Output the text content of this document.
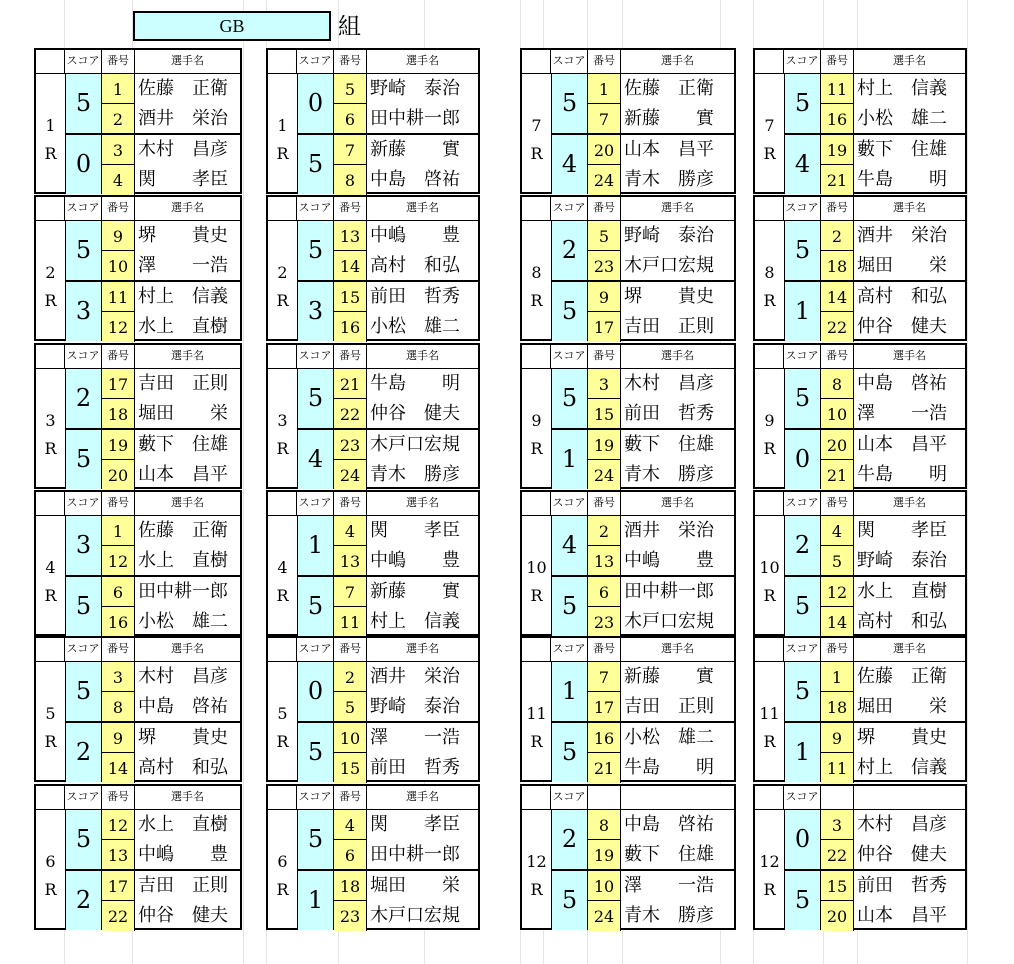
GB	組
スコア 番号	選手名
1
R
5	1 佐藤　正衛
2 酒井　栄治
0	3 木村　昌彦
4 関　　孝臣
スコア 番号	選手名
1
R
0	5 野崎　泰治
6 田中耕一郎
5	7 新藤　　實
8 中島　啓祐
スコア 番号	選手名
7
R
5	1 佐藤　正衛
7 新藤　　實
4	20 山本　昌平
24 青木　勝彦
スコア 番号	選手名
7
R
5	11 村上　信義
16 小松　雄二
4	19 藪下　住雄
21 牛島　　明
スコア 番号	選手名
2
R
5	9 堺　　貴史
10 澤　　一浩
3	11 村上　信義
12 水上　直樹
スコア 番号	選手名
2
R
5	13 中嶋　　豊
14 高村　和弘
3	15 前田　哲秀
16 小松　雄二
スコア 番号	選手名
8
R
2	5 野崎　泰治
23 木戸口宏規
5	9 堺　　貴史
17 吉田　正則
スコア 番号	選手名
8
R
5	2 酒井　栄治
18 堀田　　栄
1	14 高村　和弘
22 仲谷　健夫
スコア 番号	選手名
3
R
2	17 吉田　正則
18 堀田　　栄
5	19 藪下　住雄
20 山本　昌平
スコア 番号	選手名
3
R
5	21 牛島　　明
22 仲谷　健夫
4	23 木戸口宏規
24 青木　勝彦
スコア 番号	選手名
9
R
5	3 木村　昌彦
15 前田　哲秀
1	19 藪下　住雄
24 青木　勝彦
スコア 番号	選手名
9
R
5	8 中島　啓祐
10 澤　　一浩
0	20 山本　昌平
21 牛島　　明
スコア 番号	選手名
4
R
3	1 佐藤　正衛
12 水上　直樹
5	6 田中耕一郎
16 小松　雄二
スコア 番号	選手名
4
R
1	4 関　　孝臣
13 中嶋　　豊
5	7 新藤　　實
11 村上　信義
スコア 番号	選手名
10
R
4	2 酒井　栄治
13 中嶋　　豊
5	6 田中耕一郎
23 木戸口宏規
スコア 番号	選手名
10
R
2	4 関　　孝臣
5 野崎　泰治
5	12 水上　直樹
14 高村　和弘
スコア 番号	選手名
5
R
5	3 木村　昌彦
8 中島　啓祐
2	9 堺　　貴史
14 高村　和弘
スコア 番号	選手名
5
R
0	2 酒井　栄治
5 野崎　泰治
5	10 澤　　一浩
15 前田　哲秀
スコア 番号	選手名
11
R
1	7 新藤　　實
17 吉田　正則
5	16 小松　雄二
21 牛島　　明
スコア 番号	選手名
11
R
5	1 佐藤　正衛
18 堀田　　栄
1	9 堺　　貴史
11 村上　信義
スコア 番号	選手名
6
R
5	12 水上　直樹
13 中嶋　　豊
2	17 吉田　正則
22 仲谷　健夫
スコア 番号	選手名
6
R
5	4 関　　孝臣
6 田中耕一郎
1	18 堀田　　栄
23 木戸口宏規
スコア
12
R
2	8 中島　啓祐
19 藪下　住雄
5	10 澤　　一浩
24 青木　勝彦
スコア
12
R
0	3 木村　昌彦
22 仲谷　健夫
5	15 前田　哲秀
20 山本　昌平
